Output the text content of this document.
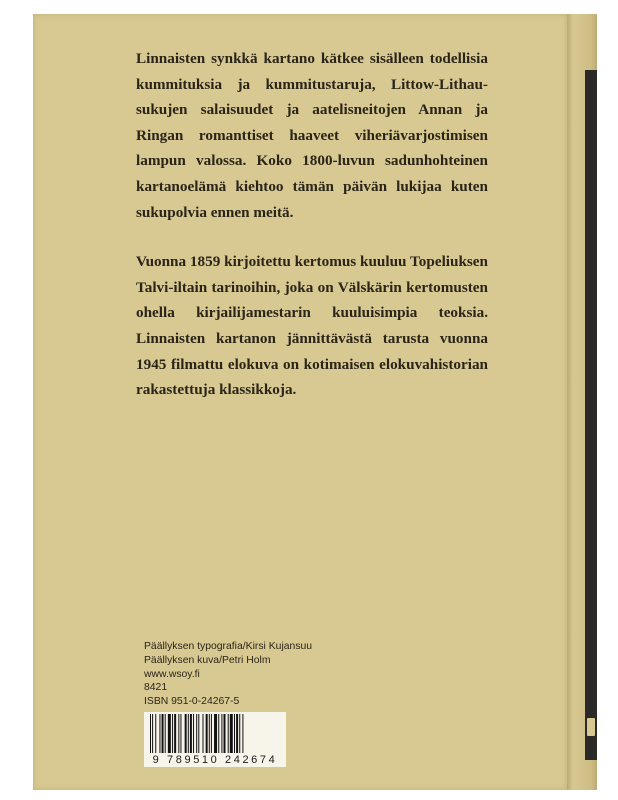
Linnaisten synkkä kartano kätkee sisälleen todellisia kummituksia ja kummitustaruja, Littow-Lithau-sukujen salaisuudet ja aatelisneitojen Annan ja Ringan romanttiset haaveet viheriävarjostimisen lampun valossa. Koko 1800-luvun sadunhohteinen kartanoelämä kiehtoo tämän päivän lukijaa kuten sukupolvia ennen meitä.

Vuonna 1859 kirjoitettu kertomus kuuluu Topeliuksen Talvi-iltain tarinoihin, joka on Välskärin kertomusten ohella kirjailijamestarin kuuluisimpia teoksia. Linnaisten kartanon jännittävästä tarusta vuonna 1945 filmattu elokuva on kotimaisen elokuvahistorian rakastettuja klassikkoja.

Päällyksen typografia/Kirsi Kujansuu
Päällyksen kuva/Petri Holm
www.wsoy.fi
8421
ISBN 951-0-24267-5
9 789510 242674
